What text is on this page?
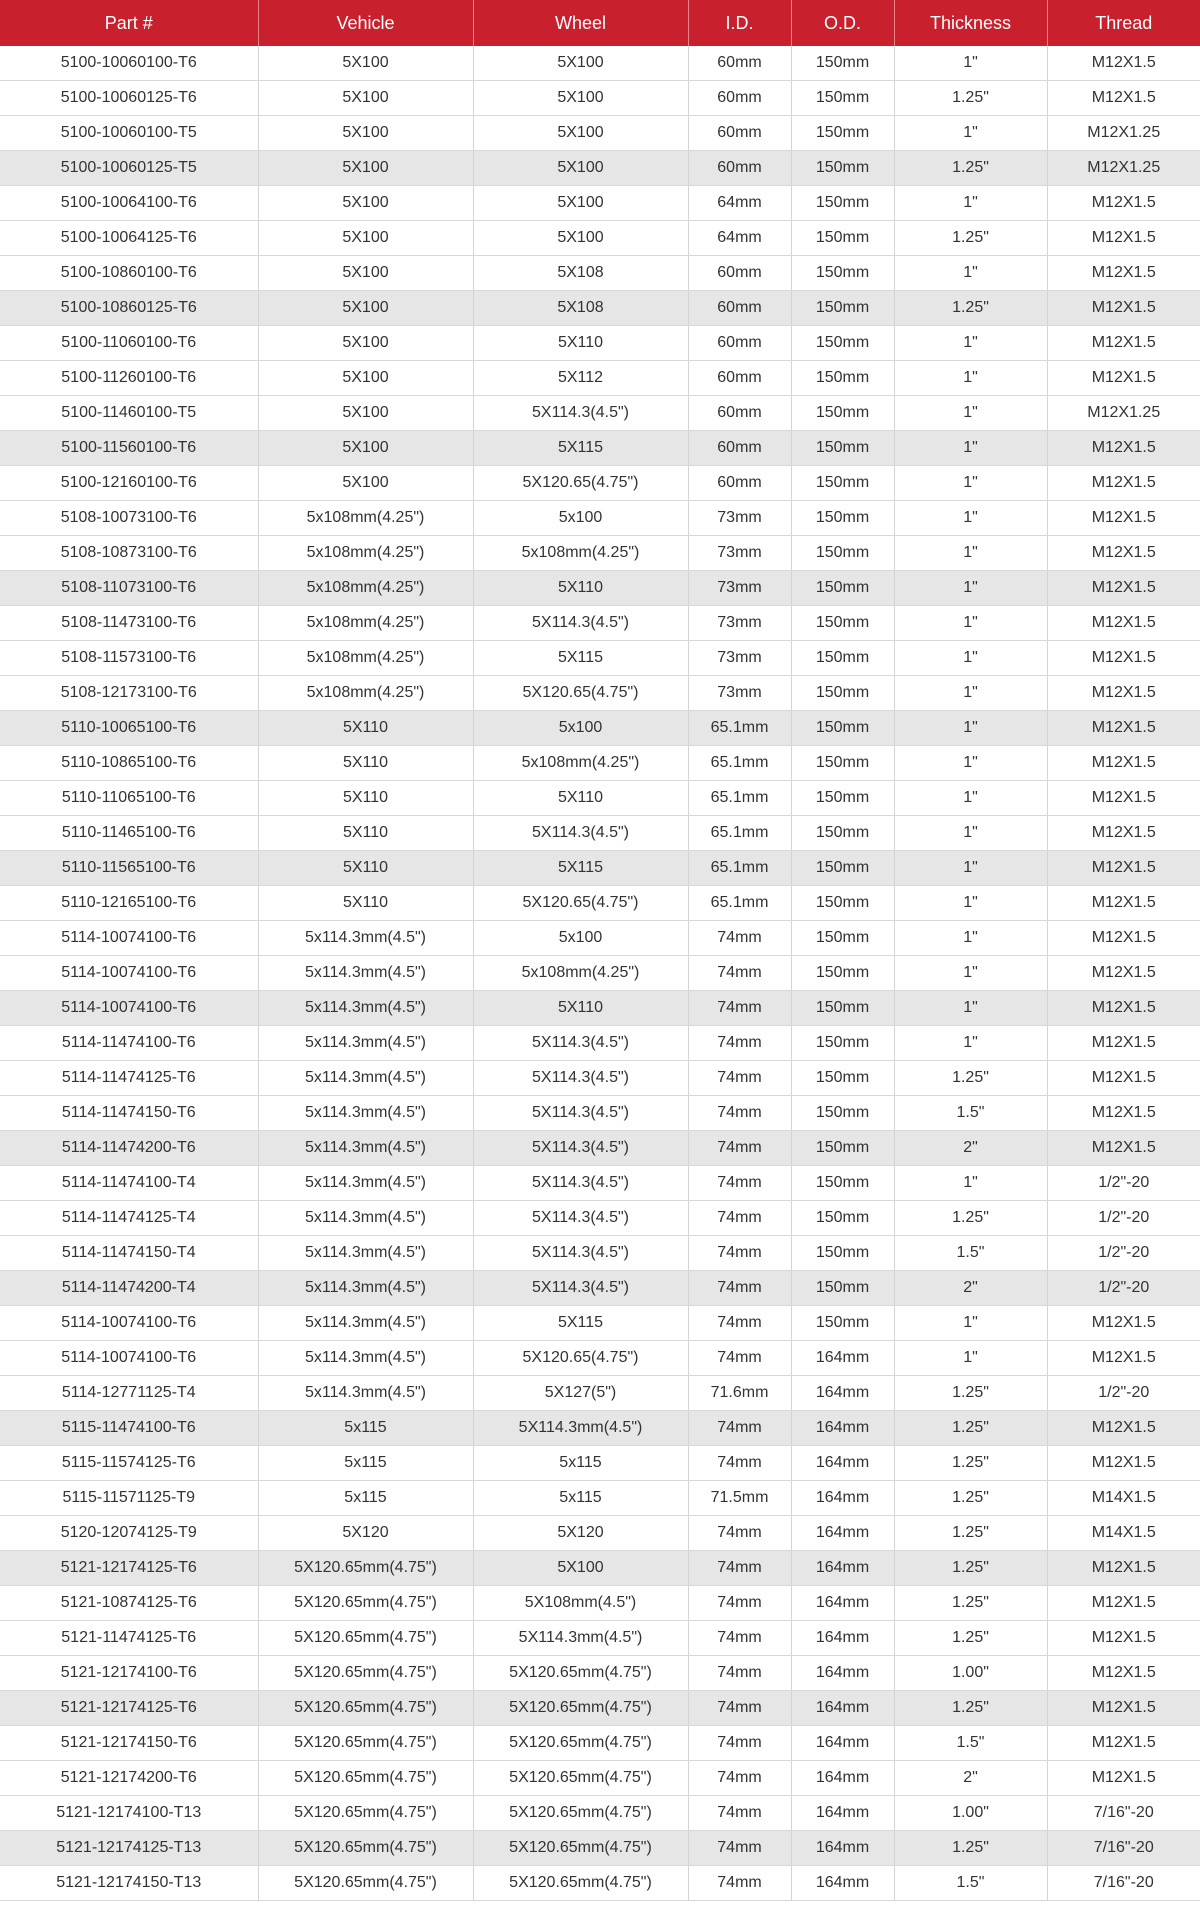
Part #	Vehicle	Wheel	I.D.	O.D.	Thickness	Thread
5100-10060100-T6	5X100	5X100	60mm	150mm	1"	M12X1.5
5100-10060125-T6	5X100	5X100	60mm	150mm	1.25"	M12X1.5
5100-10060100-T5	5X100	5X100	60mm	150mm	1"	M12X1.25
5100-10060125-T5	5X100	5X100	60mm	150mm	1.25"	M12X1.25
5100-10064100-T6	5X100	5X100	64mm	150mm	1"	M12X1.5
5100-10064125-T6	5X100	5X100	64mm	150mm	1.25"	M12X1.5
5100-10860100-T6	5X100	5X108	60mm	150mm	1"	M12X1.5
5100-10860125-T6	5X100	5X108	60mm	150mm	1.25"	M12X1.5
5100-11060100-T6	5X100	5X110	60mm	150mm	1"	M12X1.5
5100-11260100-T6	5X100	5X112	60mm	150mm	1"	M12X1.5
5100-11460100-T5	5X100	5X114.3(4.5")	60mm	150mm	1"	M12X1.25
5100-11560100-T6	5X100	5X115	60mm	150mm	1"	M12X1.5
5100-12160100-T6	5X100	5X120.65(4.75")	60mm	150mm	1"	M12X1.5
5108-10073100-T6	5x108mm(4.25")	5x100	73mm	150mm	1"	M12X1.5
5108-10873100-T6	5x108mm(4.25")	5x108mm(4.25")	73mm	150mm	1"	M12X1.5
5108-11073100-T6	5x108mm(4.25")	5X110	73mm	150mm	1"	M12X1.5
5108-11473100-T6	5x108mm(4.25")	5X114.3(4.5")	73mm	150mm	1"	M12X1.5
5108-11573100-T6	5x108mm(4.25")	5X115	73mm	150mm	1"	M12X1.5
5108-12173100-T6	5x108mm(4.25")	5X120.65(4.75")	73mm	150mm	1"	M12X1.5
5110-10065100-T6	5X110	5x100	65.1mm	150mm	1"	M12X1.5
5110-10865100-T6	5X110	5x108mm(4.25")	65.1mm	150mm	1"	M12X1.5
5110-11065100-T6	5X110	5X110	65.1mm	150mm	1"	M12X1.5
5110-11465100-T6	5X110	5X114.3(4.5")	65.1mm	150mm	1"	M12X1.5
5110-11565100-T6	5X110	5X115	65.1mm	150mm	1"	M12X1.5
5110-12165100-T6	5X110	5X120.65(4.75")	65.1mm	150mm	1"	M12X1.5
5114-10074100-T6	5x114.3mm(4.5")	5x100	74mm	150mm	1"	M12X1.5
5114-10074100-T6	5x114.3mm(4.5")	5x108mm(4.25")	74mm	150mm	1"	M12X1.5
5114-10074100-T6	5x114.3mm(4.5")	5X110	74mm	150mm	1"	M12X1.5
5114-11474100-T6	5x114.3mm(4.5")	5X114.3(4.5")	74mm	150mm	1"	M12X1.5
5114-11474125-T6	5x114.3mm(4.5")	5X114.3(4.5")	74mm	150mm	1.25"	M12X1.5
5114-11474150-T6	5x114.3mm(4.5")	5X114.3(4.5")	74mm	150mm	1.5"	M12X1.5
5114-11474200-T6	5x114.3mm(4.5")	5X114.3(4.5")	74mm	150mm	2"	M12X1.5
5114-11474100-T4	5x114.3mm(4.5")	5X114.3(4.5")	74mm	150mm	1"	1/2"-20
5114-11474125-T4	5x114.3mm(4.5")	5X114.3(4.5")	74mm	150mm	1.25"	1/2"-20
5114-11474150-T4	5x114.3mm(4.5")	5X114.3(4.5")	74mm	150mm	1.5"	1/2"-20
5114-11474200-T4	5x114.3mm(4.5")	5X114.3(4.5")	74mm	150mm	2"	1/2"-20
5114-10074100-T6	5x114.3mm(4.5")	5X115	74mm	150mm	1"	M12X1.5
5114-10074100-T6	5x114.3mm(4.5")	5X120.65(4.75")	74mm	164mm	1"	M12X1.5
5114-12771125-T4	5x114.3mm(4.5")	5X127(5")	71.6mm	164mm	1.25"	1/2"-20
5115-11474100-T6	5x115	5X114.3mm(4.5")	74mm	164mm	1.25"	M12X1.5
5115-11574125-T6	5x115	5x115	74mm	164mm	1.25"	M12X1.5
5115-11571125-T9	5x115	5x115	71.5mm	164mm	1.25"	M14X1.5
5120-12074125-T9	5X120	5X120	74mm	164mm	1.25"	M14X1.5
5121-12174125-T6	5X120.65mm(4.75")	5X100	74mm	164mm	1.25"	M12X1.5
5121-10874125-T6	5X120.65mm(4.75")	5X108mm(4.5")	74mm	164mm	1.25"	M12X1.5
5121-11474125-T6	5X120.65mm(4.75")	5X114.3mm(4.5")	74mm	164mm	1.25"	M12X1.5
5121-12174100-T6	5X120.65mm(4.75")	5X120.65mm(4.75")	74mm	164mm	1.00"	M12X1.5
5121-12174125-T6	5X120.65mm(4.75")	5X120.65mm(4.75")	74mm	164mm	1.25"	M12X1.5
5121-12174150-T6	5X120.65mm(4.75")	5X120.65mm(4.75")	74mm	164mm	1.5"	M12X1.5
5121-12174200-T6	5X120.65mm(4.75")	5X120.65mm(4.75")	74mm	164mm	2"	M12X1.5
5121-12174100-T13	5X120.65mm(4.75")	5X120.65mm(4.75")	74mm	164mm	1.00"	7/16"-20
5121-12174125-T13	5X120.65mm(4.75")	5X120.65mm(4.75")	74mm	164mm	1.25"	7/16"-20
5121-12174150-T13	5X120.65mm(4.75")	5X120.65mm(4.75")	74mm	164mm	1.5"	7/16"-20
